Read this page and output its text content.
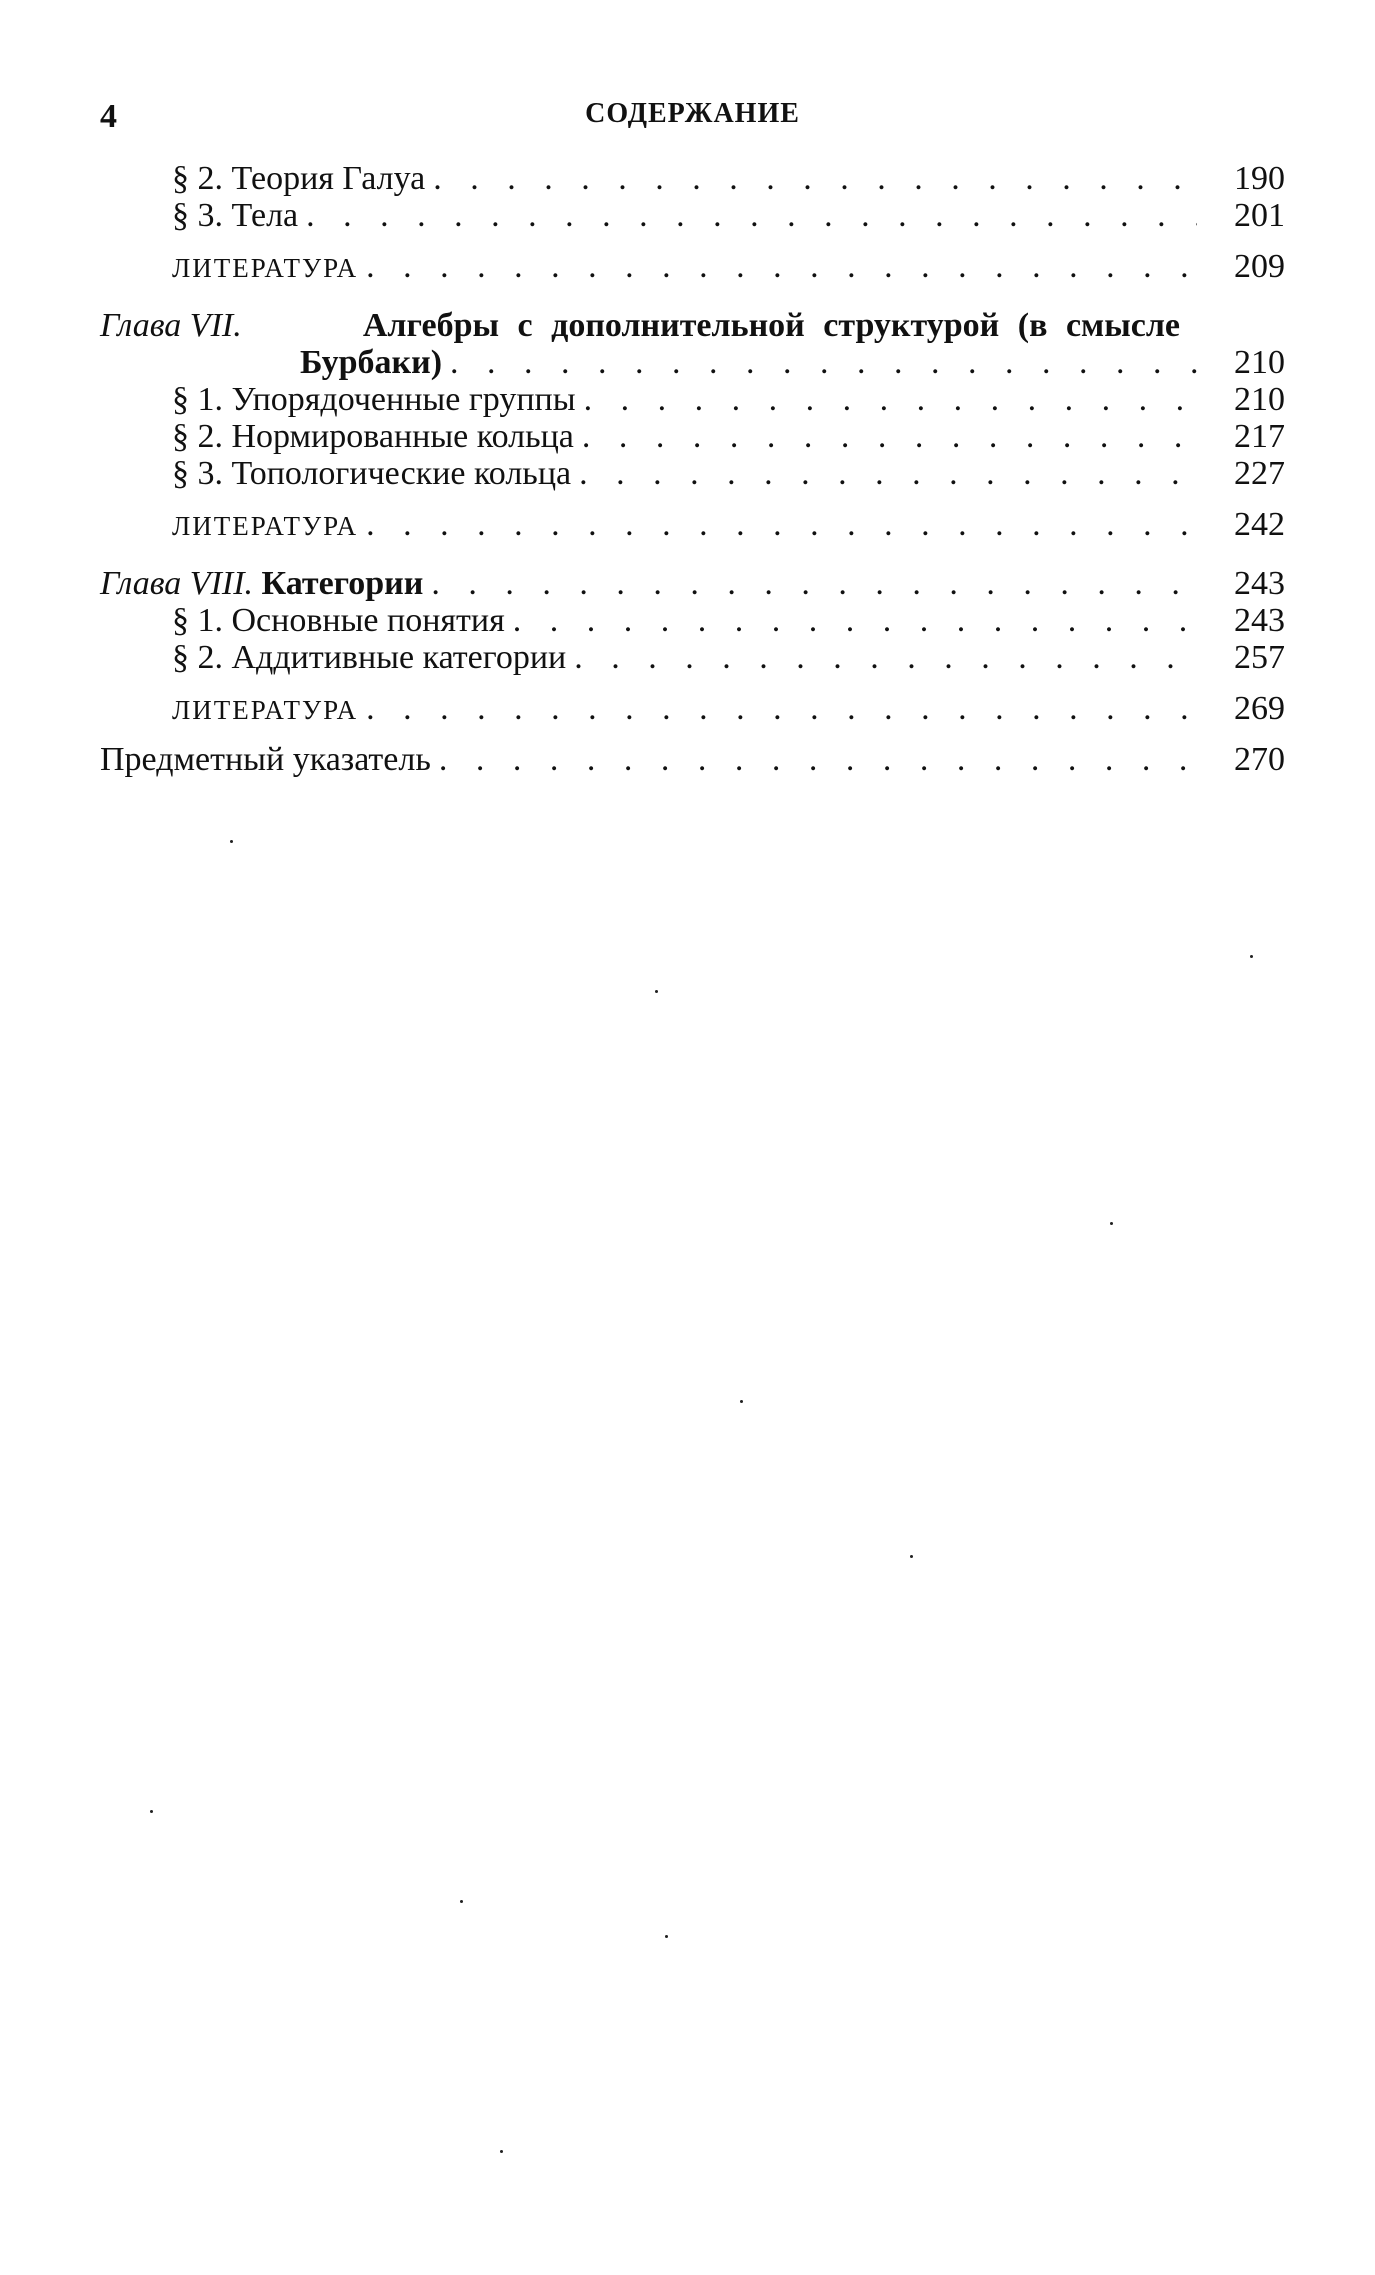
4	СОДЕРЖАНИЕ
§ 2. Теория Галуа . . .	190
§ 3. Тела . . .	201
ЛИТЕРАТУРА . . .	209
Глава VII.	Алгебры с дополнительной структурой (в смысле
Бурбаки) . . .	210
§ 1. Упорядоченные группы . . .	210
§ 2. Нормированные кольца . . .	217
§ 3. Топологические кольца . . .	227
ЛИТЕРАТУРА . . .	242
Глава VIII. Категории . . .	243
§ 1. Основные понятия . . .	243
§ 2. Аддитивные категории . . .	257
ЛИТЕРАТУРА . . .	269
Предметный указатель . . .	270
